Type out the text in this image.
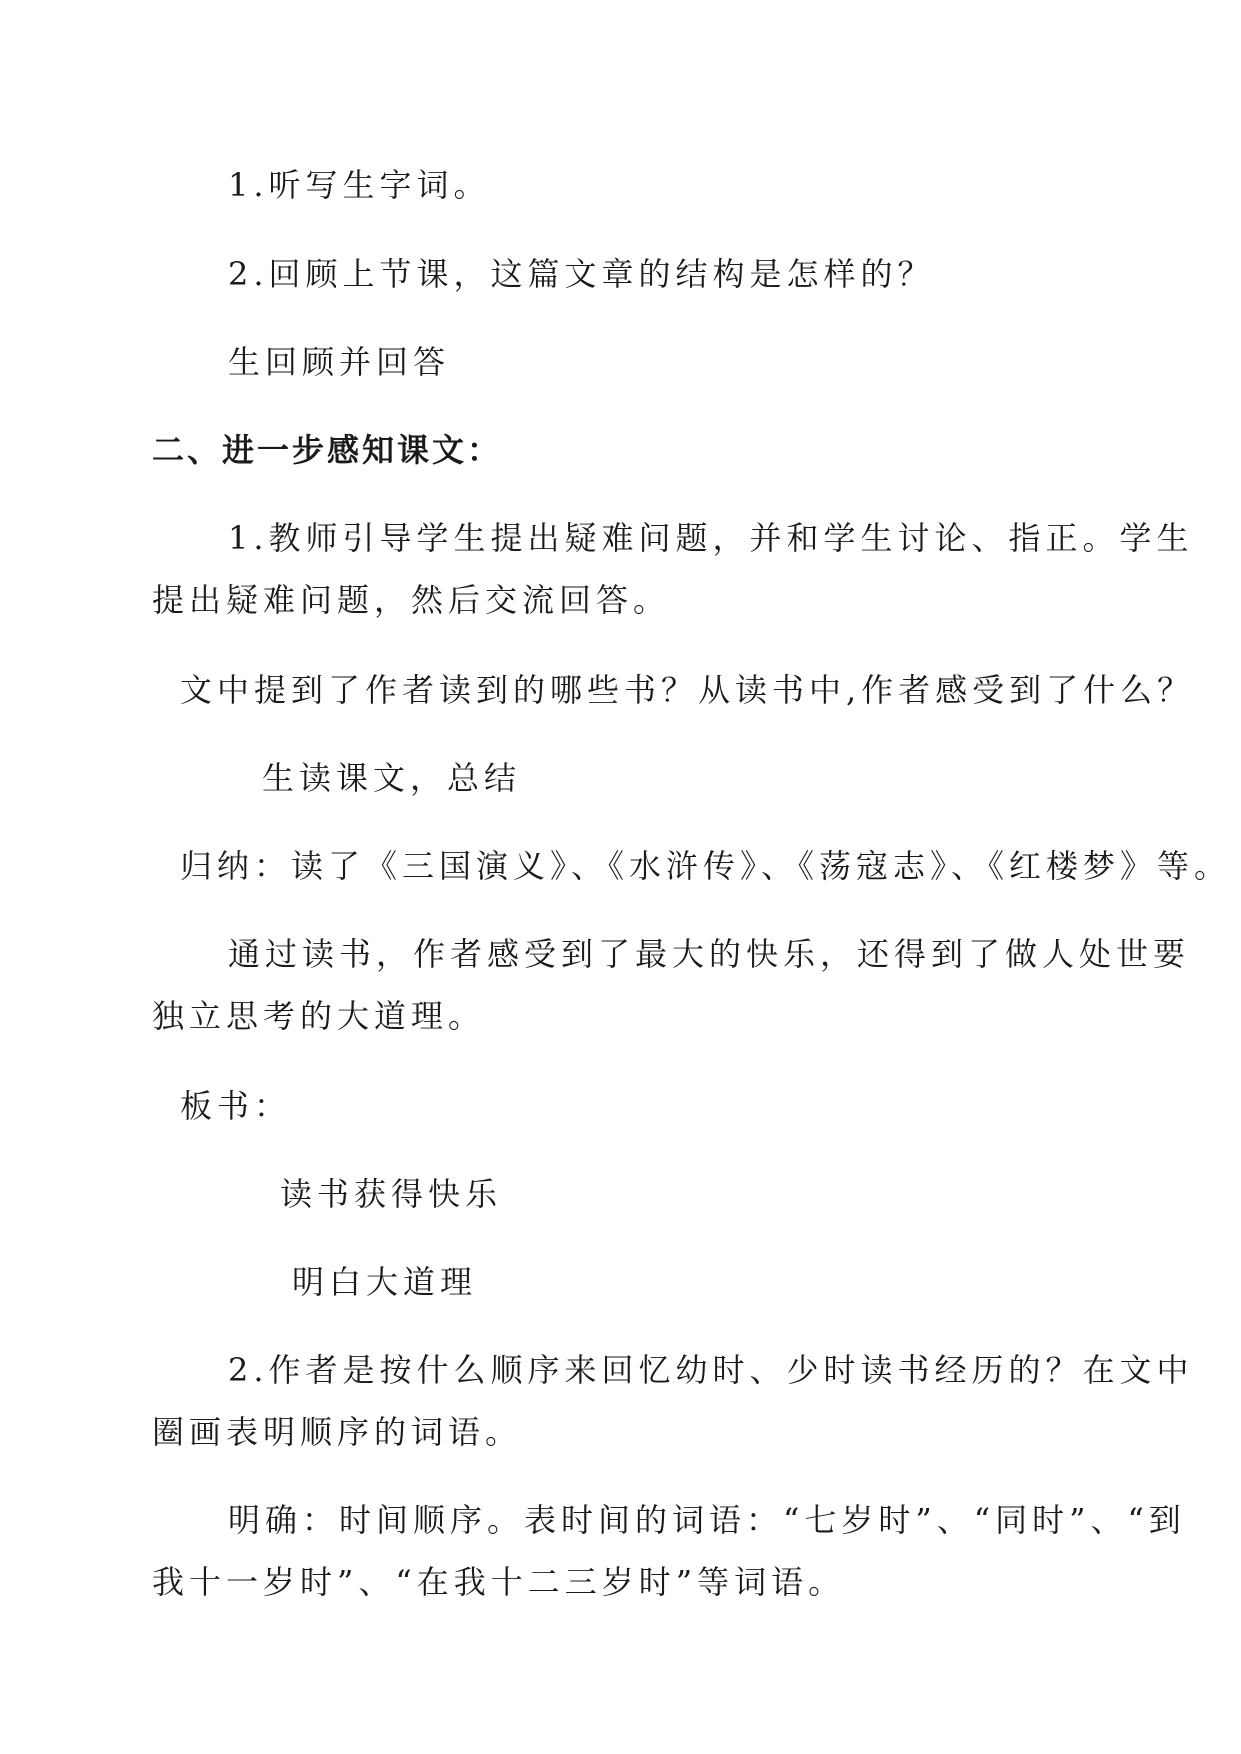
1.听写生字词。
2.回顾上节课，这篇文章的结构是怎样的？
生回顾并回答
二、进一步感知课文：
1.教师引导学生提出疑难问题，并和学生讨论、指正。学生
提出疑难问题，然后交流回答。
文中提到了作者读到的哪些书？从读书中,作者感受到了什么？
生读课文，总结
归纳：读了《三国演义》、《水浒传》、《荡寇志》、《红楼梦》等。
通过读书，作者感受到了最大的快乐，还得到了做人处世要
独立思考的大道理。
板书：
读书获得快乐
明白大道理
2.作者是按什么顺序来回忆幼时、少时读书经历的？在文中
圈画表明顺序的词语。
明确：时间顺序。表时间的词语：“七岁时”、“同时”、“到
我十一岁时”、“在我十二三岁时”等词语。
